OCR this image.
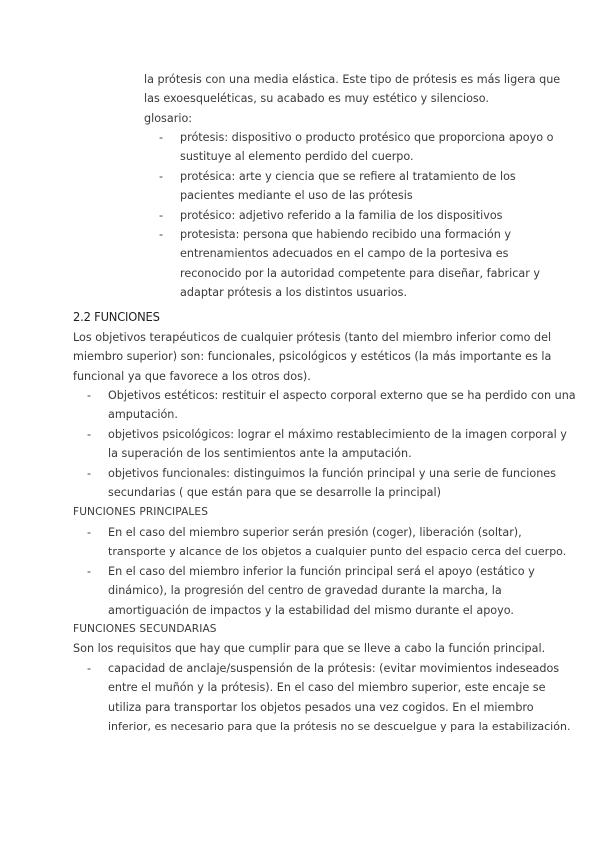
la prótesis con una media elástica. Este tipo de prótesis es más ligera que

las exoesqueléticas, su acabado es muy estético y silencioso.

glosario:

- prótesis: dispositivo o producto protésico que proporciona apoyo o
sustituye al elemento perdido del cuerpo.
- protésica: arte y ciencia que se refiere al tratamiento de los
pacientes mediante el uso de las prótesis
- protésico: adjetivo referido a la familia de los dispositivos
- protesista: persona que habiendo recibido una formación y
entrenamientos adecuados en el campo de la portesiva es
reconocido por la autoridad competente para diseñar, fabricar y
adaptar prótesis a los distintos usuarios.
2.2 FUNCIONES

Los objetivos terapéuticos de cualquier prótesis (tanto del miembro inferior como del

miembro superior) son: funcionales, psicológicos y estéticos (la más importante es la

funcional ya que favorece a los otros dos).

- Objetivos estéticos: restituir el aspecto corporal externo que se ha perdido con una
amputación.
- objetivos psicológicos: lograr el máximo restablecimiento de la imagen corporal y
la superación de los sentimientos ante la amputación.
- objetivos funcionales: distinguimos la función principal y una serie de funciones
secundarias ( que están para que se desarrolle la principal)
FUNCIONES PRINCIPALES
- En el caso del miembro superior serán presión (coger), liberación (soltar),
transporte y alcance de los objetos a cualquier punto del espacio cerca del cuerpo.
- En el caso del miembro inferior la función principal será el apoyo (estático y
dinámico), la progresión del centro de gravedad durante la marcha, la
amortiguación de impactos y la estabilidad del mismo durante el apoyo.
FUNCIONES SECUNDARIAS

Son los requisitos que hay que cumplir para que se lleve a cabo la función principal.

- capacidad de anclaje/suspensión de la prótesis: (evitar movimientos indeseados
entre el muñón y la prótesis). En el caso del miembro superior, este encaje se
utiliza para transportar los objetos pesados una vez cogidos. En el miembro
inferior, es necesario para que la prótesis no se descuelgue y para la estabilización.
